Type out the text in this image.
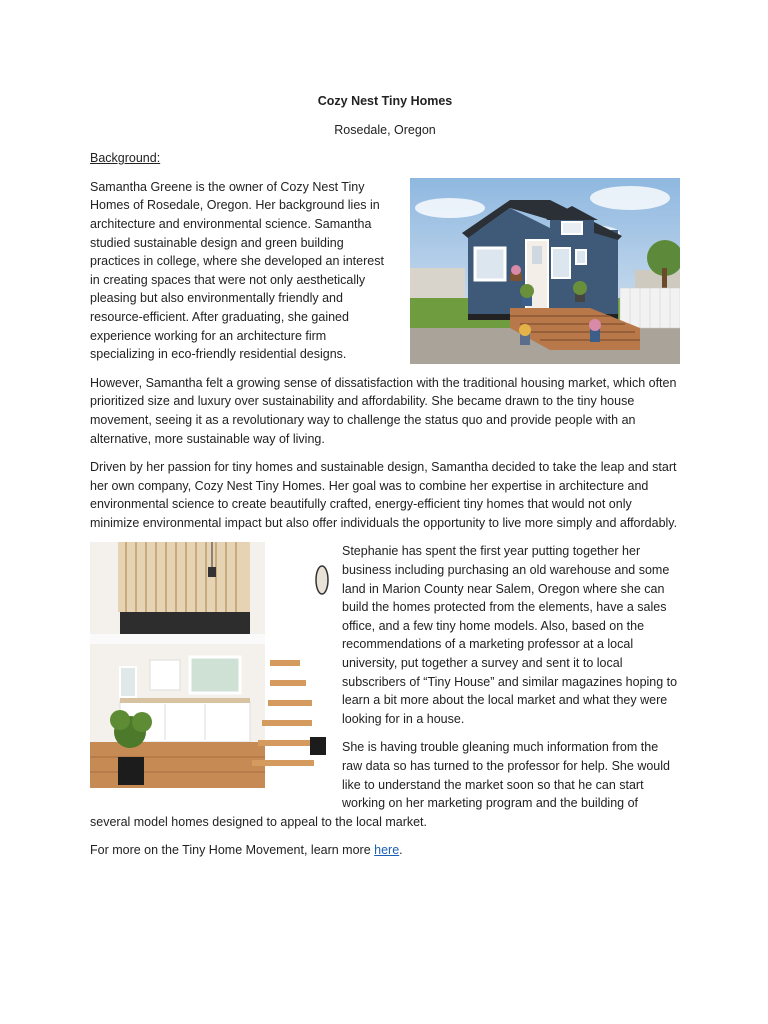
Cozy Nest Tiny Homes
Rosedale, Oregon
Background:

Samantha Greene is the owner of Cozy Nest Tiny Homes of Rosedale, Oregon. Her background lies in architecture and environmental science. Samantha studied sustainable design and green building practices in college, where she developed an interest in creating spaces that were not only aesthetically pleasing but also environmentally friendly and resource-efficient. After graduating, she gained experience working for an architecture firm specializing in eco-friendly residential designs.

However, Samantha felt a growing sense of dissatisfaction with the traditional housing market, which often prioritized size and luxury over sustainability and affordability. She became drawn to the tiny house movement, seeing it as a revolutionary way to challenge the status quo and provide people with an alternative, more sustainable way of living.

Driven by her passion for tiny homes and sustainable design, Samantha decided to take the leap and start her own company, Cozy Nest Tiny Homes. Her goal was to combine her expertise in architecture and environmental science to create beautifully crafted, energy-efficient tiny homes that would not only minimize environmental impact but also offer individuals the opportunity to live more simply and affordably.

Stephanie has spent the first year putting together her business including purchasing an old warehouse and some land in Marion County near Salem, Oregon where she can build the homes protected from the elements, have a sales office, and a few tiny home models. Also, based on the recommendations of a marketing professor at a local university, put together a survey and sent it to local subscribers of “Tiny House” and similar magazines hoping to learn a bit more about the local market and what they were looking for in a house.

She is having trouble gleaning much information from the raw data so has turned to the professor for help. She would like to understand the market soon so that he can start working on her marketing program and the building of several model homes designed to appeal to the local market.

For more on the Tiny Home Movement, learn more here.
